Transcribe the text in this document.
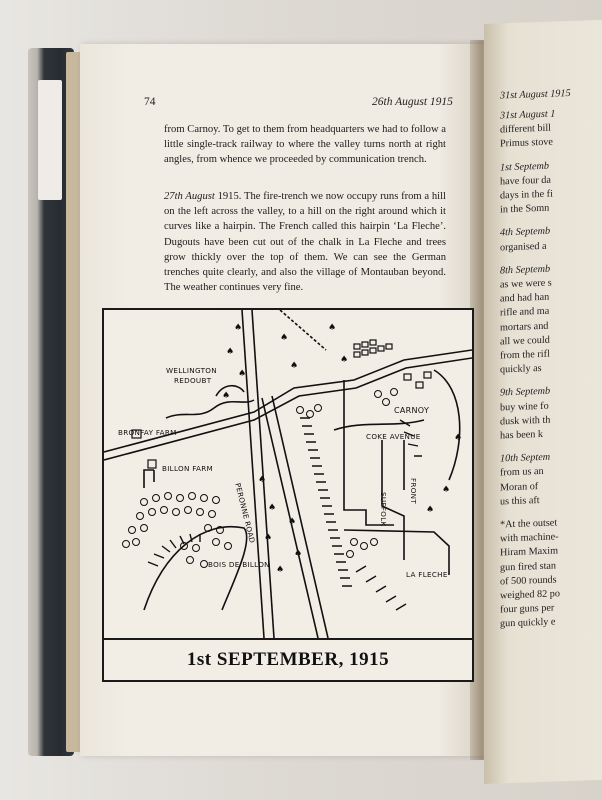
74	26th August 1915

from Carnoy. To get to them from headquarters we had to follow a little single-track railway to where the valley turns north at right angles, from whence we proceeded by communication trench.

27th August 1915. The fire-trench we now occupy runs from a hill on the left across the valley, to a hill on the right around which it curves like a hairpin. The French called this hairpin ‘La Fleche’. Dugouts have been cut out of the chalk in La Fleche and trees grow thickly over the top of them. We can see the German trenches quite clearly, and also the village of Montauban beyond. The weather continues very fine.

♠
♠
♠
♠
♠
♠
♠
♠
♠
♠
♠
♠
♠
♠
♠
♠
♠
WELLINGTON
REDOUBT
BRONFAY FARM
BILLON FARM
CARNOY
COKE AVENUE
PERONNE ROAD
BOIS DE BILLON
SUFFOLK
FRONT
LA FLECHE
1st SEPTEMBER, 1915
31st August 1915
31st August 1
different bill
Primus stove
1st Septemb
have four da
days in the fi
in the Somn
4th Septemb
organised a
8th Septemb
as we were s
and had han
rifle and ma
mortars and
all we could
from the rifl
quickly as
9th Septemb
buy wine fo
dusk with th
has been k
10th Septem
from us an
Moran of
us this aft
*At the outset
with machine-
Hiram Maxim
gun fired stan
of 500 rounds
weighed 82 po
four guns per
gun quickly e
